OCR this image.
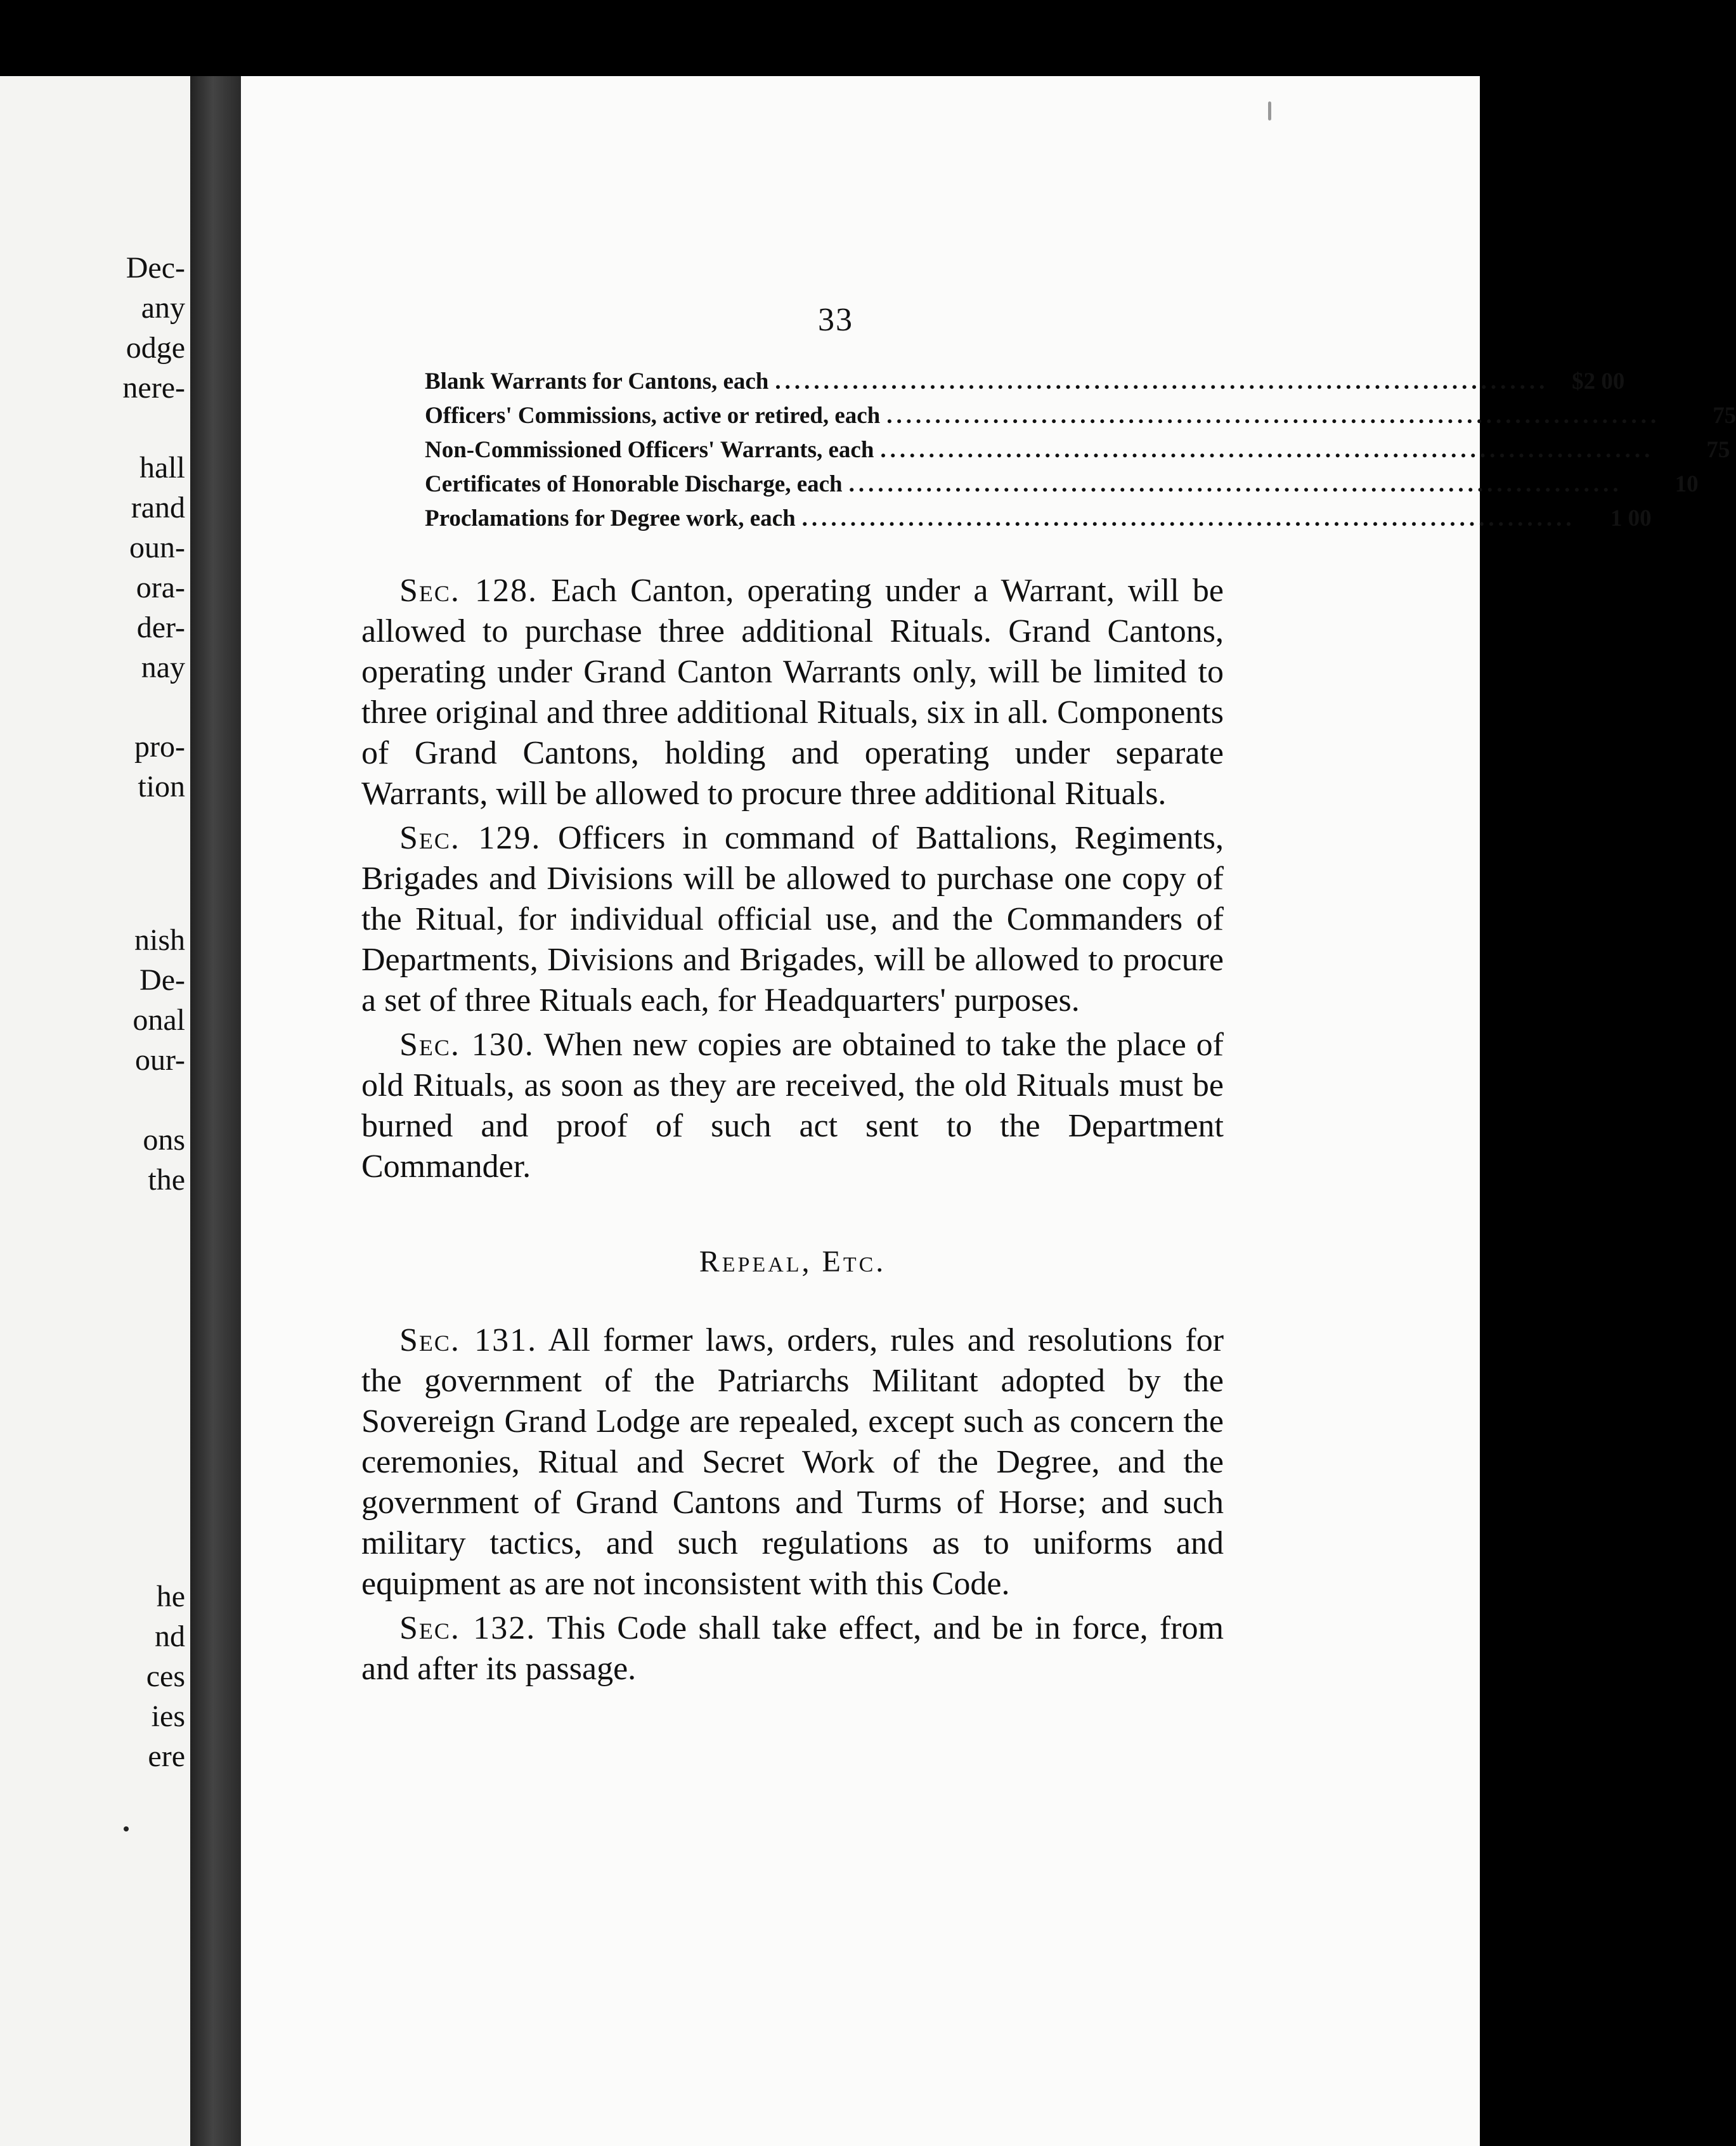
Dec-
any
odge
nere-
hall
rand
oun-
ora-
der-
nay
pro-
tion
nish
De-
onal
our-
ons
the
he
nd
ces
ies
ere
33
Blank Warrants for Cantons, each ................................................................................ $2 00
Officers' Commissions, active or retired, each ................................................................................	75
Non-Commissioned Officers' Warrants, each ................................................................................	75
Certificates of Honorable Discharge, each ................................................................................	10
Proclamations for Degree work, each ................................................................................	1 00

Sec. 128. Each Canton, operating under a Warrant, will be allowed to purchase three additional Rituals. Grand Cantons, operating under Grand Canton Warrants only, will be limited to three original and three additional Rituals, six in all. Components of Grand Cantons, holding and operating under separate Warrants, will be allowed to procure three additional Rituals.

Sec. 129. Officers in command of Battalions, Regiments, Brigades and Divisions will be allowed to purchase one copy of the Ritual, for individual official use, and the Commanders of Departments, Divisions and Brigades, will be allowed to procure a set of three Rituals each, for Headquarters' purposes.

Sec. 130. When new copies are obtained to take the place of old Rituals, as soon as they are received, the old Rituals must be burned and proof of such act sent to the Department Commander.

Repeal, Etc.

Sec. 131. All former laws, orders, rules and resolutions for the government of the Patriarchs Militant adopted by the Sovereign Grand Lodge are repealed, except such as concern the ceremonies, Ritual and Secret Work of the Degree, and the government of Grand Cantons and Turms of Horse; and such military tactics, and such regulations as to uniforms and equipment as are not inconsistent with this Code.

Sec. 132. This Code shall take effect, and be in force, from and after its passage.
